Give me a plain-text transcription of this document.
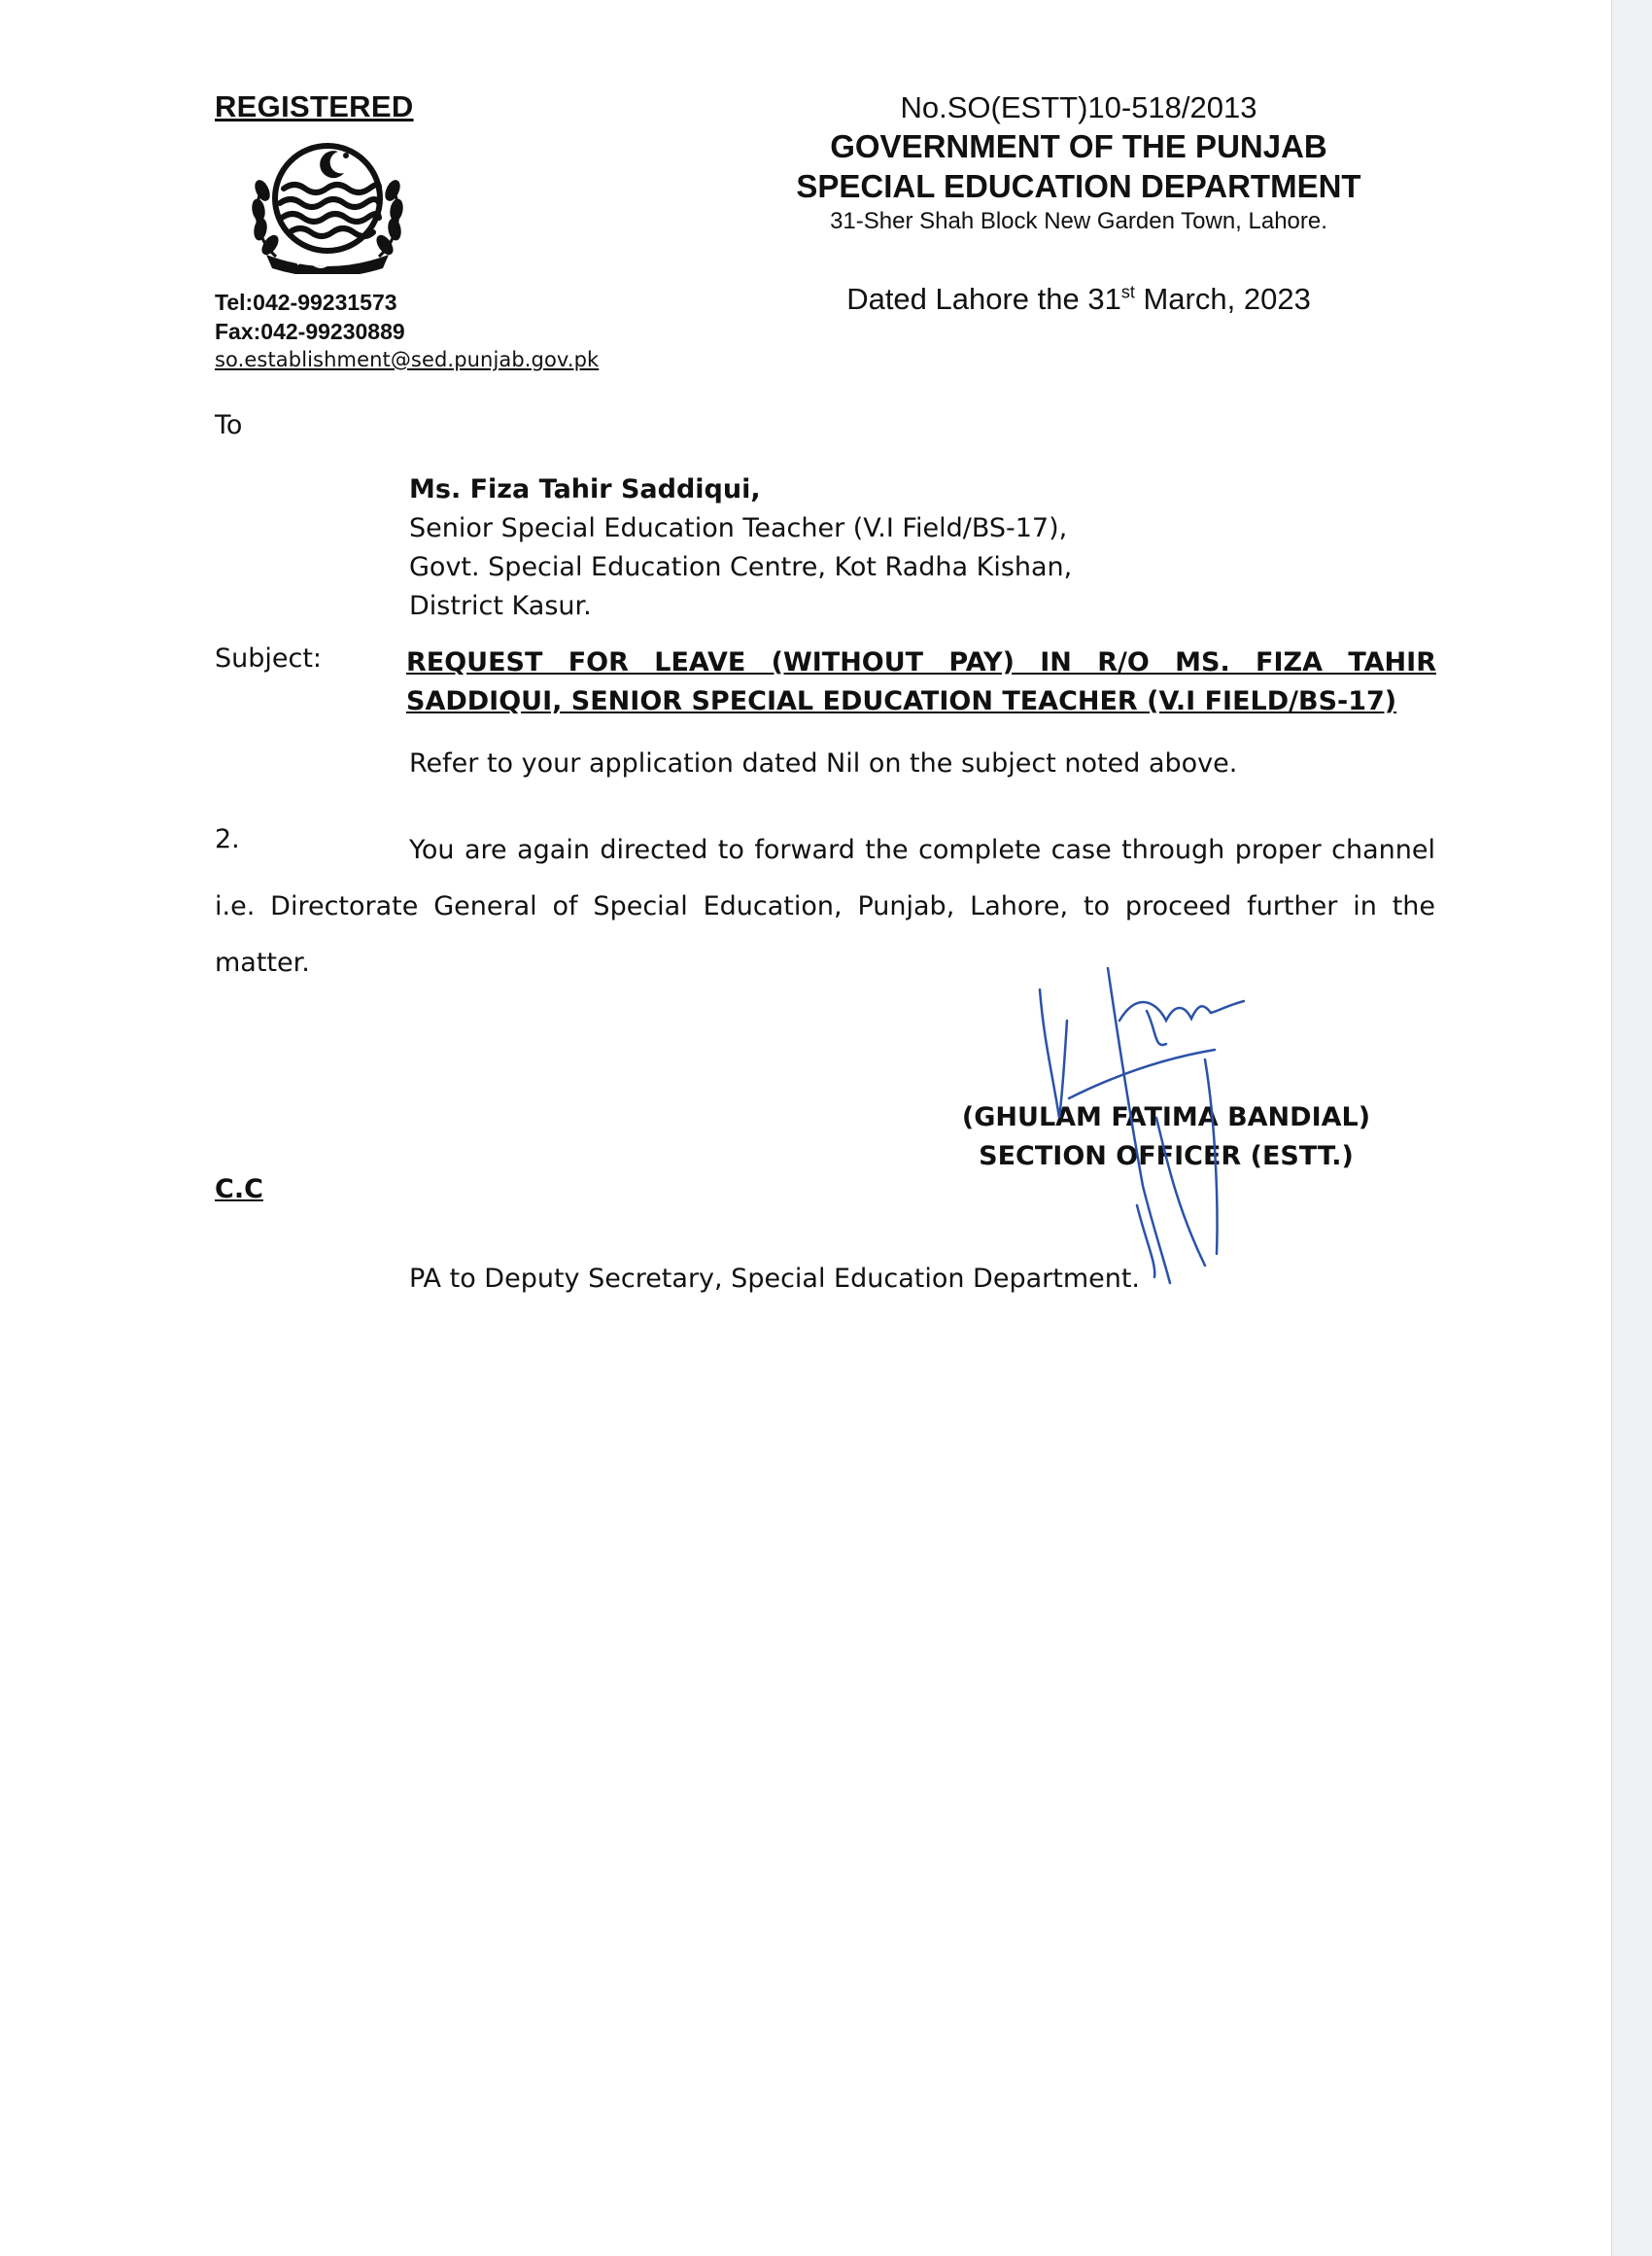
REGISTERED
Tel:042-99231573
Fax:042-99230889
so.establishment@sed.punjab.gov.pk
No.SO(ESTT)10-518/2013
GOVERNMENT OF THE PUNJAB
SPECIAL EDUCATION DEPARTMENT
31-Sher Shah Block New Garden Town, Lahore.
Dated Lahore the 31st March, 2023
To
Ms. Fiza Tahir Saddiqui,
Senior Special Education Teacher (V.I Field/BS-17),
Govt. Special Education Centre, Kot Radha Kishan,
District Kasur.
Subject:	REQUEST FOR LEAVE (WITHOUT PAY) IN R/O MS. FIZA TAHIR SADDIQUI, SENIOR SPECIAL EDUCATION TEACHER (V.I FIELD/BS-17)
Refer to your application dated Nil on the subject noted above.
2.	You are again directed to forward the complete case through proper channel i.e. Directorate General of Special Education, Punjab, Lahore, to proceed further in the matter.
(GHULAM FATIMA BANDIAL)
SECTION OFFICER (ESTT.)
C.C
PA to Deputy Secretary, Special Education Department.
